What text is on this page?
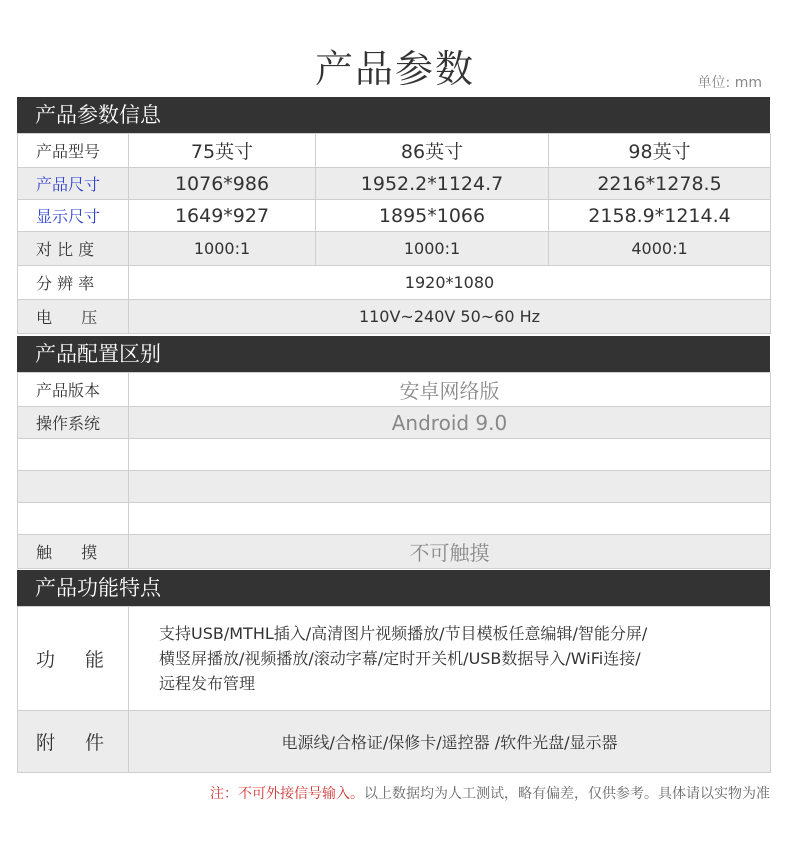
产品参数	单位: mm
产品参数信息
产品型号	75英寸	86英寸	98英寸
产品尺寸	1076*986	1952.2*1124.7	2216*1278.5
显示尺寸	1649*927	1895*1066	2158.9*1214.4
对 比 度	1000:1	1000:1	4000:1
分 辨 率	1920*1080		
电 压	110V~240V 50~60 Hz		
产品配置区别
产品版本	安卓网络版
操作系统	Android 9.0

触 摸	不可触摸
产品功能特点
功 能	支持USB/MTHL插入/高清图片视频播放/节目模板任意编辑/智能分屏/
横竖屏播放/视频播放/滚动字幕/定时开关机/USB数据导入/WiFi连接/
远程发布管理

附 件	电源线/合格证/保修卡/遥控器 /软件光盘/显示器
注：不可外接信号输入。以上数据均为人工测试，略有偏差，仅供参考。具体请以实物为准
